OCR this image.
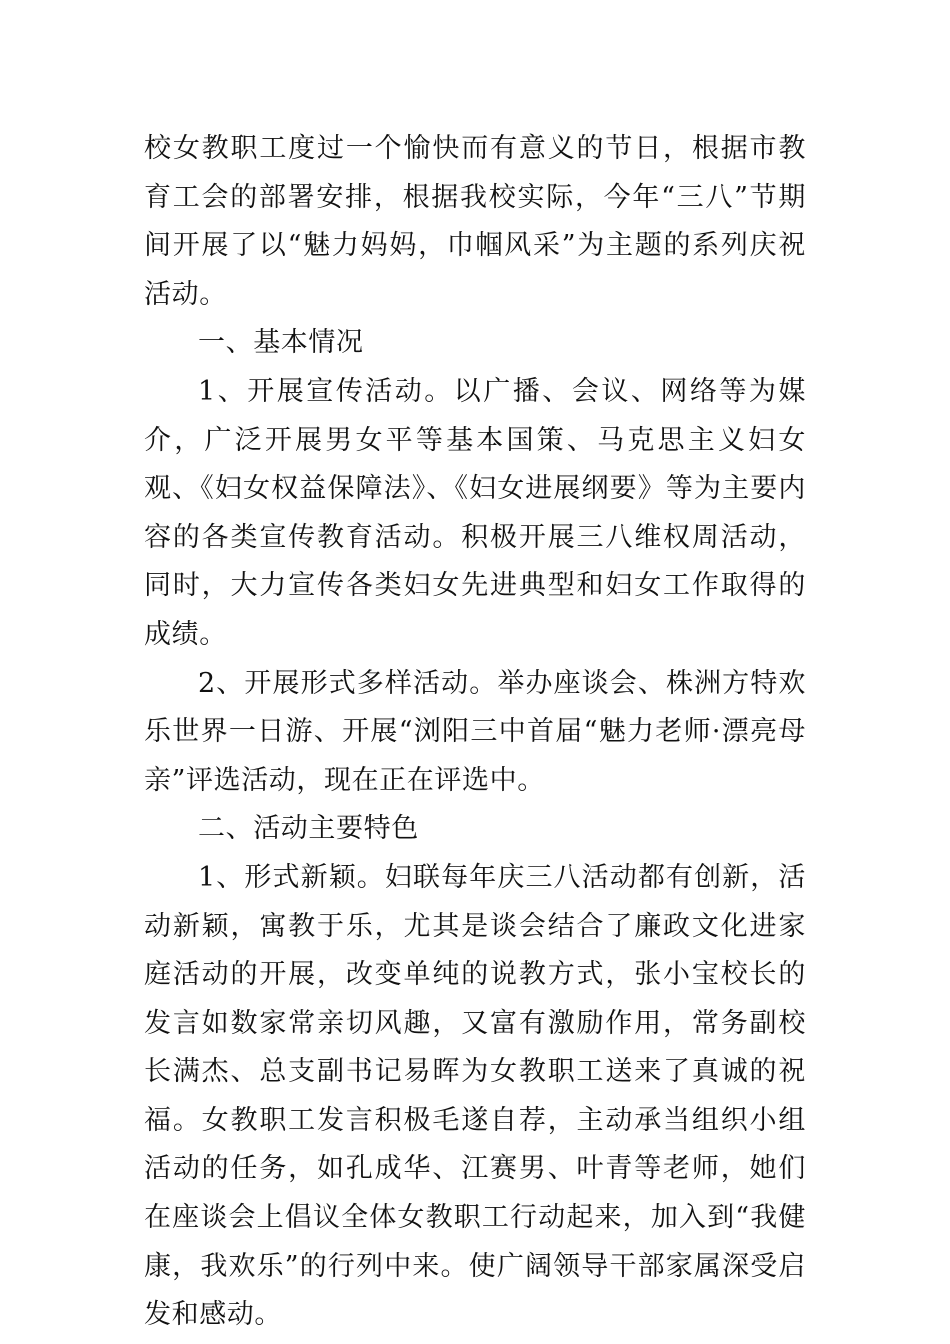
校女教职工度过一个愉快而有意义的节日，根据市教育工会的部署安排，根据我校实际，今年“三八”节期间开展了以“魅力妈妈，巾帼风采”为主题的系列庆祝活动。

一、基本情况

1、开展宣传活动。以广播、会议、网络等为媒介，广泛开展男女平等基本国策、马克思主义妇女观、《妇女权益保障法》、《妇女进展纲要》等为主要内容的各类宣传教育活动。积极开展三八维权周活动，同时，大力宣传各类妇女先进典型和妇女工作取得的成绩。

2、开展形式多样活动。举办座谈会、株洲方特欢乐世界一日游、开展“浏阳三中首届“魅力老师·漂亮母亲”评选活动，现在正在评选中。

二、活动主要特色

1、形式新颖。妇联每年庆三八活动都有创新，活动新颖，寓教于乐，尤其是谈会结合了廉政文化进家庭活动的开展，改变单纯的说教方式，张小宝校长的发言如数家常亲切风趣，又富有激励作用，常务副校长满杰、总支副书记易晖为女教职工送来了真诚的祝福。女教职工发言积极毛遂自荐，主动承当组织小组活动的任务，如孔成华、江赛男、叶青等老师，她们在座谈会上倡议全体女教职工行动起来，加入到“我健康，我欢乐”的行列中来。使广阔领导干部家属深受启发和感动。
